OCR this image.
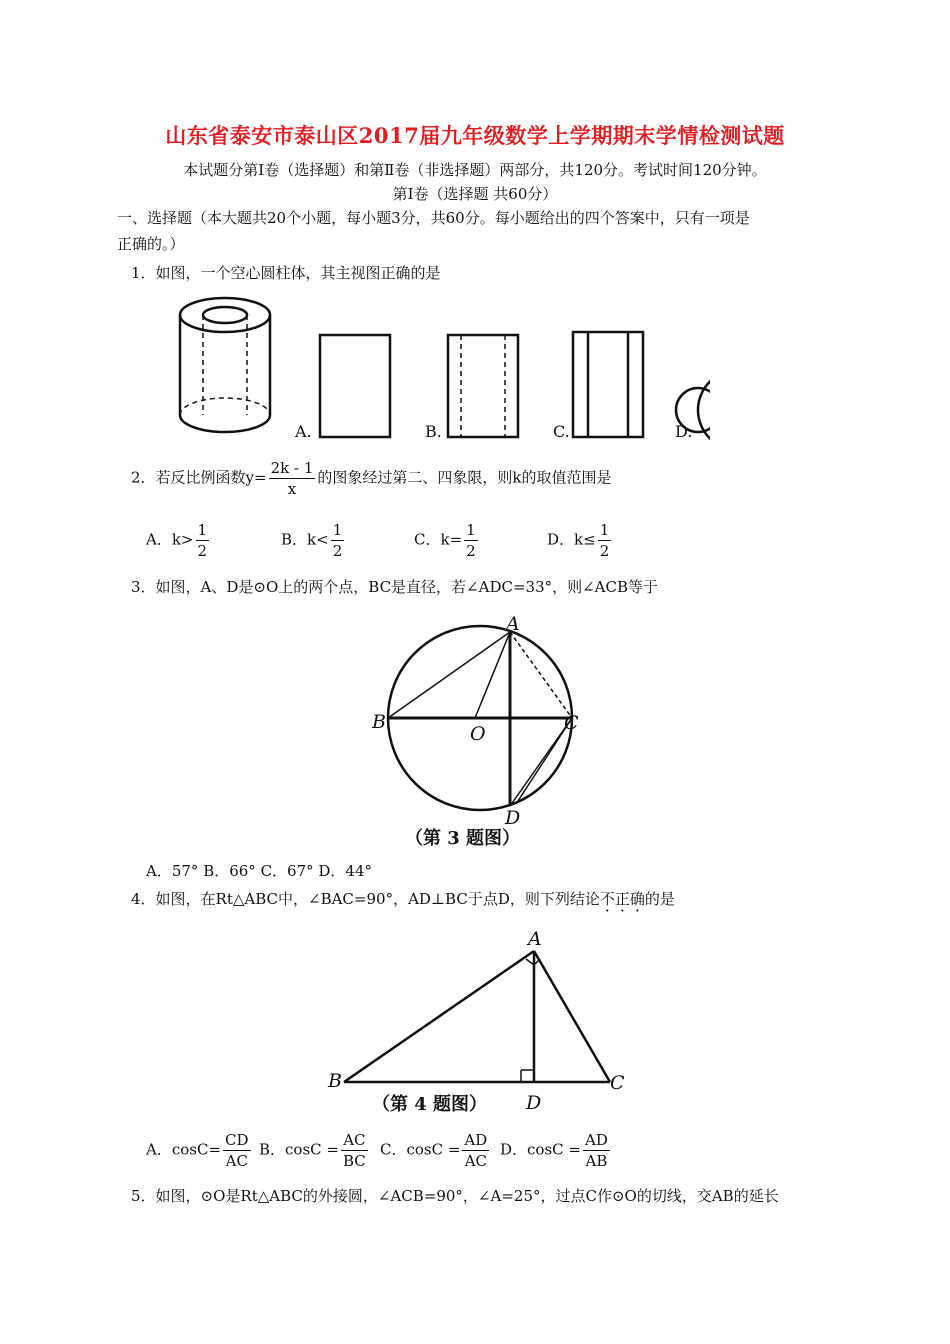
山东省泰安市泰山区2017届九年级数学上学期期末学情检测试题
本试题分第Ⅰ卷（选择题）和第Ⅱ卷（非选择题）两部分，共120分。考试时间120分钟。
第Ⅰ卷（选择题 共60分）
一、选择题（本大题共20个小题，每小题3分，共60分。每小题给出的四个答案中，只有一项是
正确的。）
1．如图，一个空心圆柱体，其主视图正确的是
A.	B.	C.	D.
2．若反比例函数$y= \frac{2k - 1}{x}$ 的图象经过第二、四象限，则k的取值范围是
A．$k> \frac{1}{2}$	B．$k< \frac{1}{2}$	C．$k= \frac{1}{2}$	D．$k\le \frac{1}{2}$
3．如图，A、D是⊙O上的两个点，BC是直径，若∠ADC=33°，则∠ACB等于
A
B	C
O
D
（第 3 题图）
A．57° B．66° C．67° D．44°
4．如图，在Rt△ABC中，∠BAC=90°，AD⊥BC于点D，则下列结论不正确的是
A
B	C
D
（第 4 题图）
A．$\cos C= \frac{CD}{AC}$ B．$\cos C = \frac{AC}{BC}$ C．$\cos C = \frac{AD}{AC}$ D．$\cos C = \frac{AD}{AB}$
5．如图，⊙O是Rt△ABC的外接圆，∠ACB=90°，∠A=25°，过点C作⊙O的切线，交AB的延长
